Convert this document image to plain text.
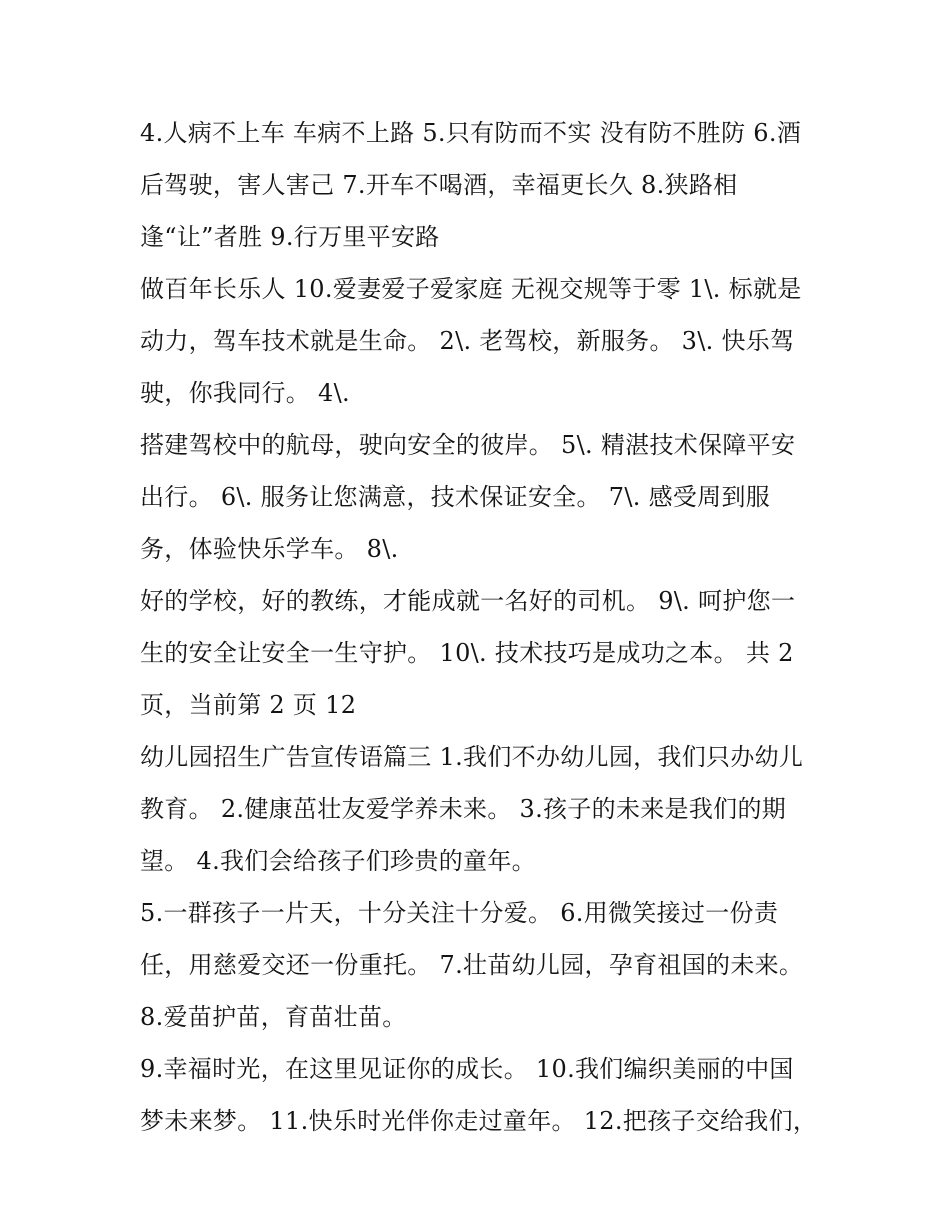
4.人病不上车 车病不上路 5.只有防而不实 没有防不胜防 6.酒
后驾驶，害人害己 7.开车不喝酒，幸福更长久 8.狭路相
逢“让”者胜 9.行万里平安路
做百年长乐人 10.爱妻爱子爱家庭 无视交规等于零 1\. 标就是
动力，驾车技术就是生命。 2\. 老驾校，新服务。 3\. 快乐驾
驶，你我同行。 4\.
搭建驾校中的航母，驶向安全的彼岸。 5\. 精湛技术保障平安
出行。 6\. 服务让您满意，技术保证安全。 7\. 感受周到服
务，体验快乐学车。 8\.
好的学校，好的教练，才能成就一名好的司机。 9\. 呵护您一
生的安全让安全一生守护。 10\. 技术技巧是成功之本。 共 2
页，当前第 2 页 12
幼儿园招生广告宣传语篇三 1.我们不办幼儿园，我们只办幼儿
教育。 2.健康茁壮友爱学养未来。 3.孩子的未来是我们的期
望。 4.我们会给孩子们珍贵的童年。
5.一群孩子一片天，十分关注十分爱。 6.用微笑接过一份责
任，用慈爱交还一份重托。 7.壮苗幼儿园，孕育祖国的未来。
8.爱苗护苗，育苗壮苗。
9.幸福时光，在这里见证你的成长。 10.我们编织美丽的中国
梦未来梦。 11.快乐时光伴你走过童年。 12.把孩子交给我们，
